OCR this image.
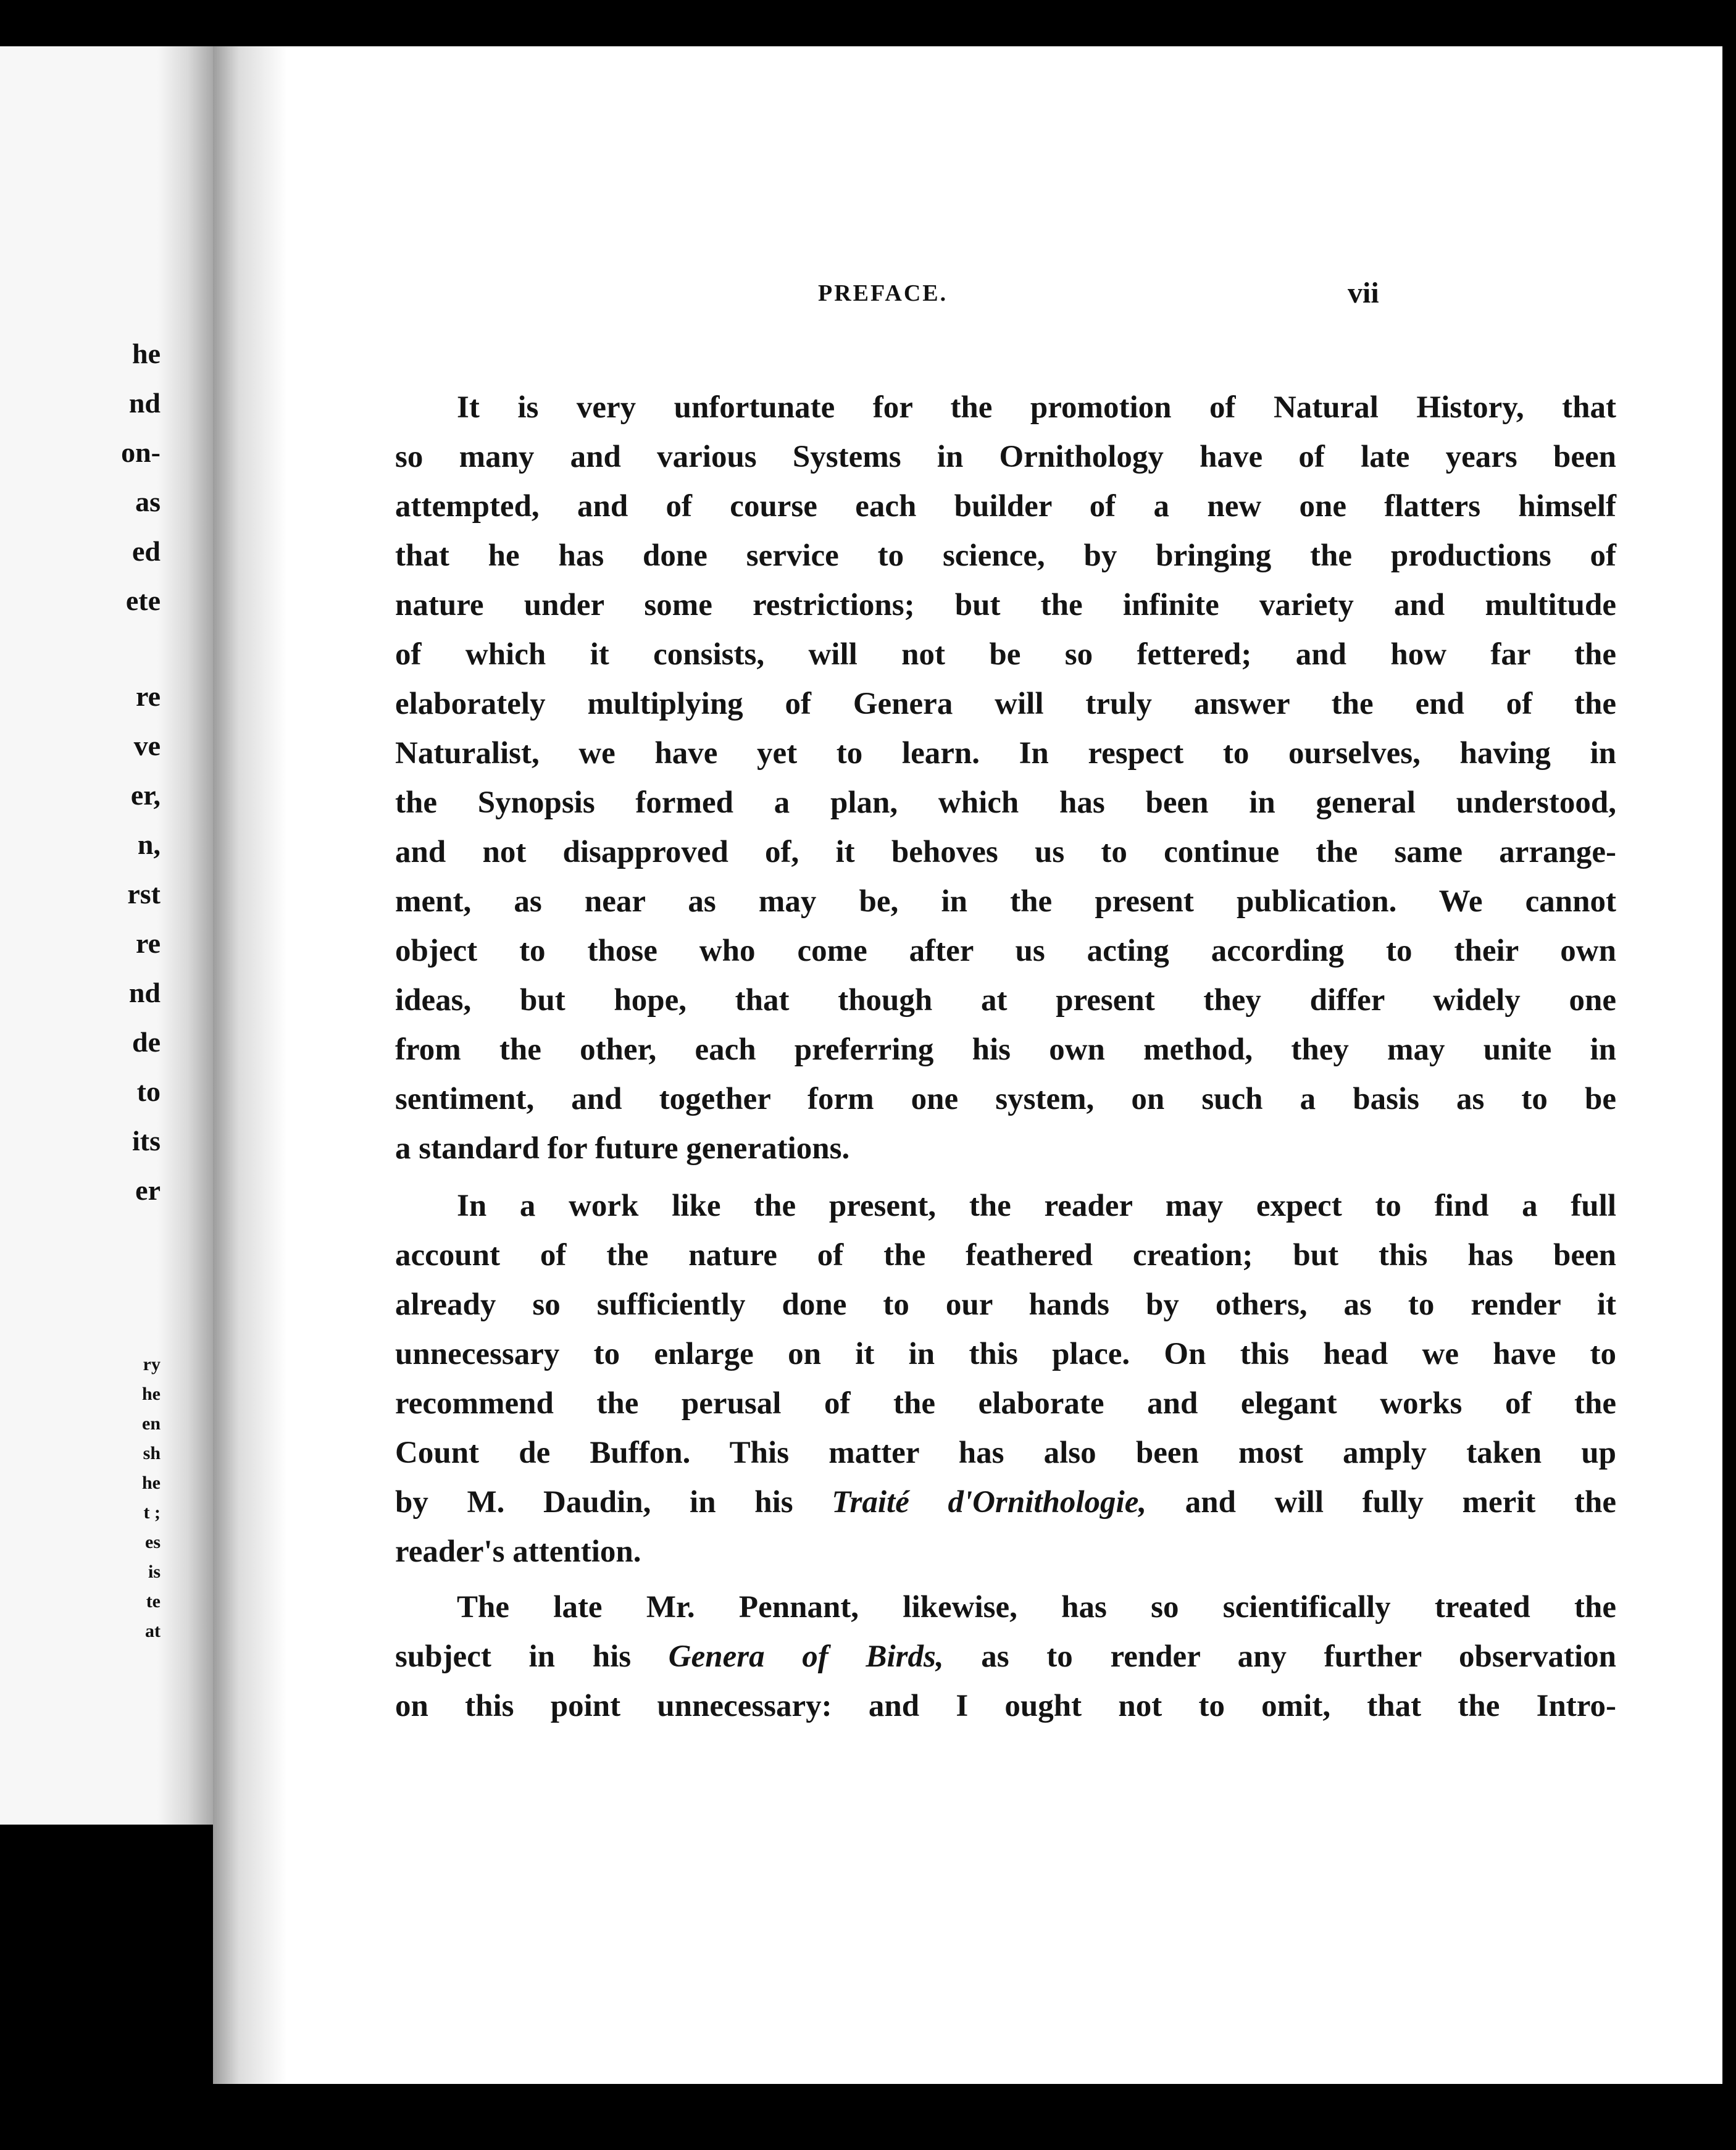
he
nd
on-
as
ed
ete
re
ve
er,
n,
rst
re
nd
de
to
its
er
ry
he
en
sh
he
t ;
es
is
te
at
PREFACE.	vii
It is very unfortunate for the promotion of Natural History, that
so many and various Systems in Ornithology have of late years been
attempted, and of course each builder of a new one flatters himself
that he has done service to science, by bringing the productions of
nature under some restrictions; but the infinite variety and multitude
of which it consists, will not be so fettered; and how far the
elaborately multiplying of Genera will truly answer the end of the
Naturalist, we have yet to learn. In respect to ourselves, having in
the Synopsis formed a plan, which has been in general understood,
and not disapproved of, it behoves us to continue the same arrange-
ment, as near as may be, in the present publication. We cannot
object to those who come after us acting according to their own
ideas, but hope, that though at present they differ widely one
from the other, each preferring his own method, they may unite in
sentiment, and together form one system, on such a basis as to be
a standard for future generations.
In a work like the present, the reader may expect to find a full
account of the nature of the feathered creation; but this has been
already so sufficiently done to our hands by others, as to render it
unnecessary to enlarge on it in this place. On this head we have to
recommend the perusal of the elaborate and elegant works of the
Count de Buffon. This matter has also been most amply taken up
by M. Daudin, in his Traité d'Ornithologie, and will fully merit the
reader's attention.
The late Mr. Pennant, likewise, has so scientifically treated the
subject in his Genera of Birds, as to render any further observation
on this point unnecessary: and I ought not to omit, that the Intro-
